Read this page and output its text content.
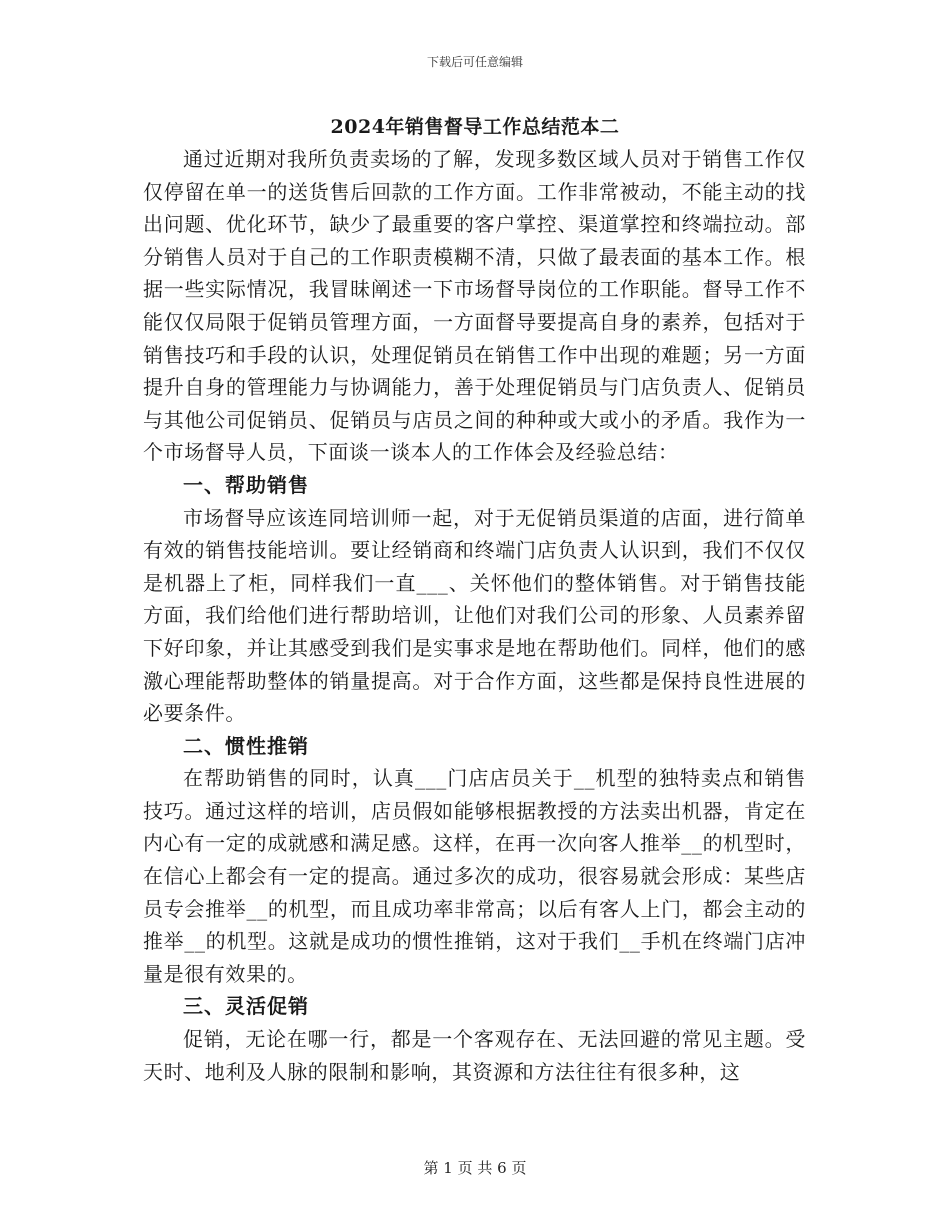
下载后可任意编辑
2024年销售督导工作总结范本二

通过近期对我所负责卖场的了解，发现多数区域人员对于销售工作仅仅停留在单一的送货售后回款的工作方面。工作非常被动，不能主动的找出问题、优化环节，缺少了最重要的客户掌控、渠道掌控和终端拉动。部分销售人员对于自己的工作职责模糊不清，只做了最表面的基本工作。根据一些实际情况，我冒昧阐述一下市场督导岗位的工作职能。督导工作不能仅仅局限于促销员管理方面，一方面督导要提高自身的素养，包括对于销售技巧和手段的认识，处理促销员在销售工作中出现的难题；另一方面提升自身的管理能力与协调能力，善于处理促销员与门店负责人、促销员与其他公司促销员、促销员与店员之间的种种或大或小的矛盾。我作为一个市场督导人员，下面谈一谈本人的工作体会及经验总结：

一、帮助销售

市场督导应该连同培训师一起，对于无促销员渠道的店面，进行简单有效的销售技能培训。要让经销商和终端门店负责人认识到，我们不仅仅是机器上了柜，同样我们一直___、关怀他们的整体销售。对于销售技能方面，我们给他们进行帮助培训，让他们对我们公司的形象、人员素养留下好印象，并让其感受到我们是实事求是地在帮助他们。同样，他们的感激心理能帮助整体的销量提高。对于合作方面，这些都是保持良性进展的必要条件。

二、惯性推销

在帮助销售的同时，认真___门店店员关于__机型的独特卖点和销售技巧。通过这样的培训，店员假如能够根据教授的方法卖出机器，肯定在内心有一定的成就感和满足感。这样，在再一次向客人推举__的机型时，在信心上都会有一定的提高。通过多次的成功，很容易就会形成：某些店员专会推举__的机型，而且成功率非常高；以后有客人上门，都会主动的推举__的机型。这就是成功的惯性推销，这对于我们__手机在终端门店冲量是很有效果的。

三、灵活促销

促销，无论在哪一行，都是一个客观存在、无法回避的常见主题。受天时、地利及人脉的限制和影响，其资源和方法往往有很多种，这

第 1 页 共 6 页
